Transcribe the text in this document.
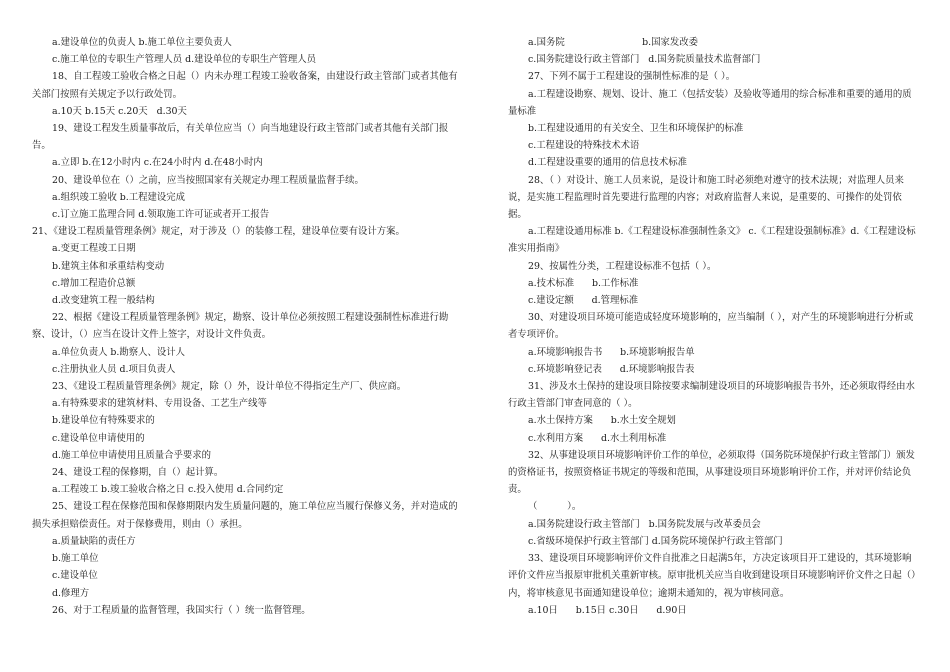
a.建设单位的负责人 b.施工单位主要负责人
c.施工单位的专职生产管理人员 d.建设单位的专职生产管理人员
18、自工程竣工验收合格之日起（）内未办理工程竣工验收备案，由建设行政主管部门或者其他有关部门按照有关规定予以行政处罚。
a.10天 b.15天 c.20天   d.30天
19、建设工程发生质量事故后，有关单位应当（）向当地建设行政主管部门或者其他有关部门报告。
a.立即 b.在12小时内 c.在24小时内 d.在48小时内
20、建设单位在（）之前，应当按照国家有关规定办理工程质量监督手续。
a.组织竣工验收 b.工程建设完成
c.订立施工监理合同 d.领取施工许可证或者开工报告
21、《建设工程质量管理条例》规定，对于涉及（）的装修工程，建设单位要有设计方案。
a.变更工程竣工日期
b.建筑主体和承重结构变动
c.增加工程造价总额
d.改变建筑工程一般结构
22、根据《建设工程质量管理条例》规定，勘察、设计单位必须按照工程建设强制性标准进行勘察、设计，（）应当在设计文件上签字，对设计文件负责。
a.单位负责人 b.勘察人、设计人
c.注册执业人员 d.项目负责人
23、《建设工程质量管理条例》规定，除（）外，设计单位不得指定生产厂、供应商。
a.有特殊要求的建筑材料、专用设备、工艺生产线等
b.建设单位有特殊要求的
c.建设单位申请使用的
d.施工单位申请使用且质量合乎要求的
24、建设工程的保修期，自（）起计算。
a.工程竣工 b.竣工验收合格之日 c.投入使用 d.合同约定
25、建设工程在保修范围和保修期限内发生质量问题的，施工单位应当履行保修义务，并对造成的损失承担赔偿责任。对于保修费用，则由（）承担。
a.质量缺陷的责任方
b.施工单位
c.建设单位
d.修理方
26、对于工程质量的监督管理，我国实行（ ）统一监督管理。
a.国务院                          b.国家发改委
c.国务院建设行政主管部门   d.国务院质量技术监督部门
27、下列不属于工程建设的强制性标准的是（ ）。
a.工程建设勘察、规划、设计、施工（包括安装）及验收等通用的综合标准和重要的通用的质量标准
b.工程建设通用的有关安全、卫生和环境保护的标准
c.工程建设的特殊技术术语
d.工程建设重要的通用的信息技术标准
28、（ ）对设计、施工人员来说，是设计和施工时必须绝对遵守的技术法规；对监理人员来说，是实施工程监理时首先要进行监理的内容；对政府监督人来说，是重要的、可操作的处罚依据。
a.工程建设通用标准 b.《工程建设标准强制性条文》 c.《工程建设强制标准》d.《工程建设标准实用指南》
29、按属性分类，工程建设标准不包括（ ）。
a.技术标准      b.工作标准
c.建设定额      d.管理标准
30、对建设项目环境可能造成轻度环境影响的，应当编制（ ），对产生的环境影响进行分析或者专项评价。
a.环境影响报告书      b.环境影响报告单
c.环境影响登记表      d.环境影响报告表
31、涉及水土保持的建设项目除按要求编制建设项目的环境影响报告书外，还必须取得经由水行政主管部门审查同意的（ ）。
a.水土保持方案      b.水土安全规划
c.水利用方案      d.水土利用标准
32、从事建设项目环境影响评价工作的单位，必须取得（国务院环境保护行政主管部门）颁发的资格证书，按照资格证书规定的等级和范围，从事建设项目环境影响评价工作，并对评价结论负责。
（          ）。
a.国务院建设行政主管部门   b.国务院发展与改革委员会
c.省级环境保护行政主管部门 d.国务院环境保护行政主管部门
33、建设项目环境影响评价文件自批准之日起满5年，方决定该项目开工建设的，其环境影响评价文件应当报原审批机关重新审核。原审批机关应当自收到建设项目环境影响评价文件之日起（）内，将审核意见书面通知建设单位；逾期未通知的，视为审核同意。
a.10日      b.15日 c.30日      d.90日
